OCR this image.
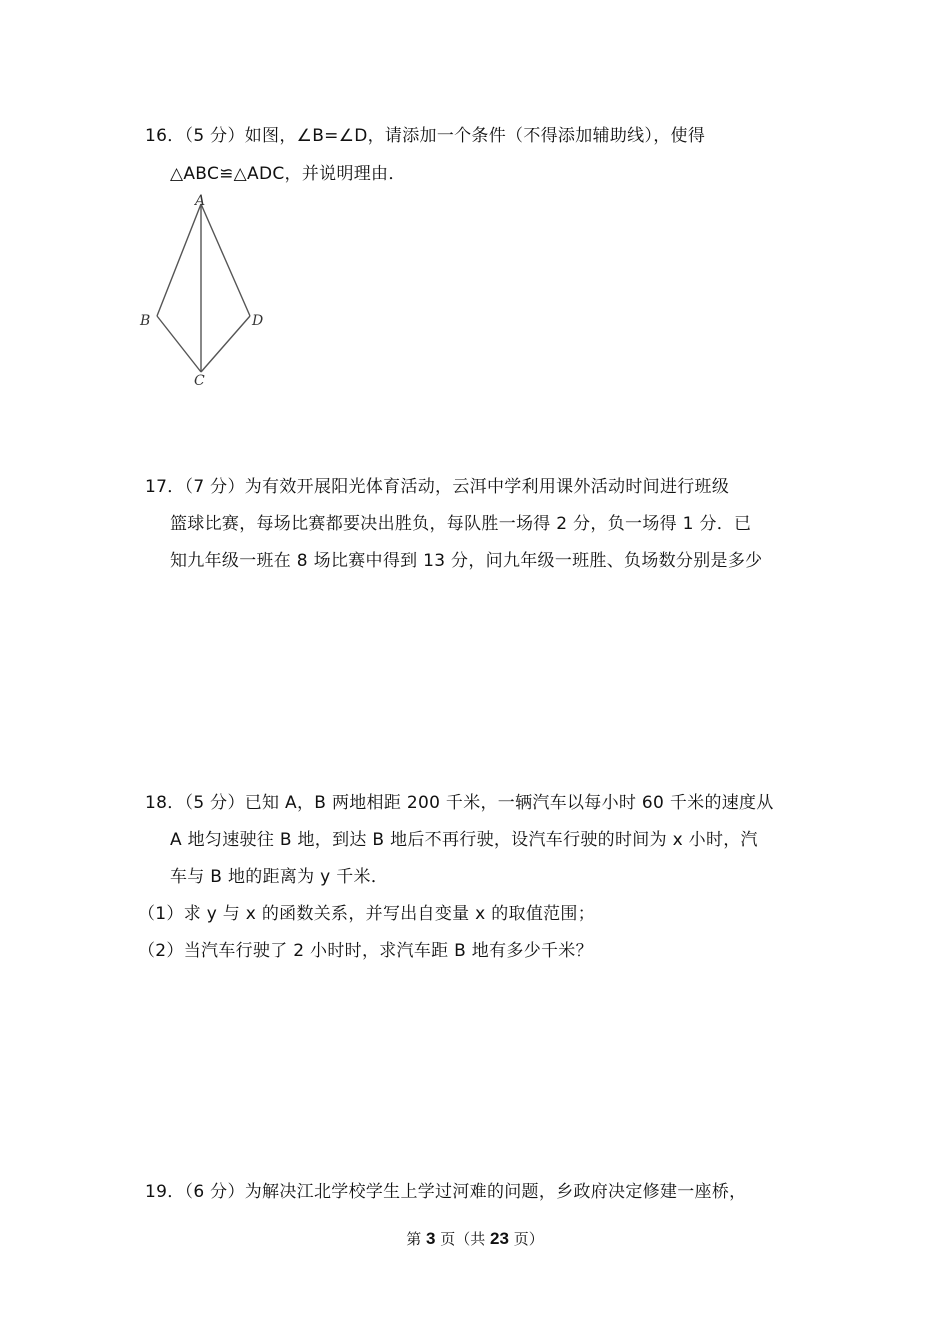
16．（5 分）如图，∠B=∠D，请添加一个条件（不得添加辅助线），使得
△ABC≌△ADC，并说明理由．
A
B	D
C
17．（7 分）为有效开展阳光体育活动，云洱中学利用课外活动时间进行班级
篮球比赛，每场比赛都要决出胜负，每队胜一场得 2 分，负一场得 1 分．已
知九年级一班在 8 场比赛中得到 13 分，问九年级一班胜、负场数分别是多少
18．（5 分）已知 A，B 两地相距 200 千米，一辆汽车以每小时 60 千米的速度从
A 地匀速驶往 B 地，到达 B 地后不再行驶，设汽车行驶的时间为 x 小时，汽
车与 B 地的距离为 y 千米．
（1）求 y 与 x 的函数关系，并写出自变量 x 的取值范围；
（2）当汽车行驶了 2 小时时，求汽车距 B 地有多少千米？
19．（6 分）为解决江北学校学生上学过河难的问题，乡政府决定修建一座桥，
第 3 页（共 23 页）
